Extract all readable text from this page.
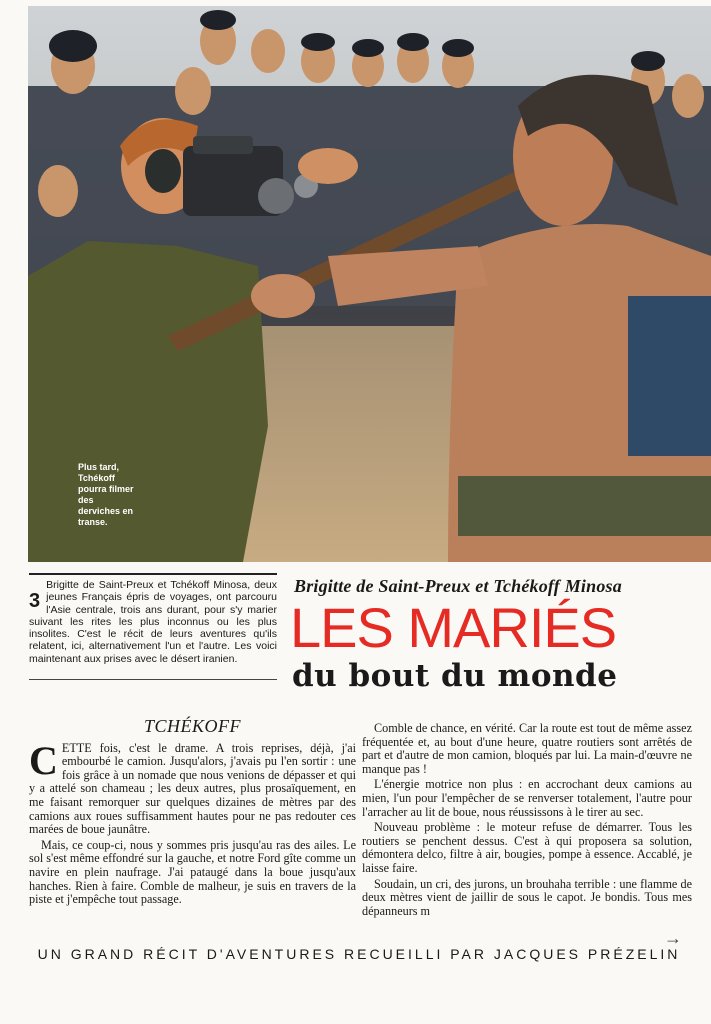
Plus tard, Tchékoff pourra filmer des derviches en transe.
3
Brigitte de Saint-Preux et Tchékoff Minosa, deux jeunes Français épris de voyages, ont parcouru l'Asie centrale, trois ans durant, pour s'y marier suivant les rites les plus inconnus ou les plus insolites. C'est le récit de leurs aventures qu'ils relatent, ici, alternativement l'un et l'autre. Les voici maintenant aux prises avec le désert iranien.
Brigitte de Saint-Preux et Tchékoff Minosa
LES MARIÉS
du bout du monde
TCHÉKOFF

CETTE fois, c'est le drame. A trois reprises, déjà, j'ai embourbé le camion. Jusqu'alors, j'avais pu l'en sortir : une fois grâce à un nomade que nous venions de dépasser et qui y a attelé son chameau ; les deux autres, plus prosaïquement, en me faisant remorquer sur quelques dizaines de mètres par des camions aux roues suffisamment hautes pour ne pas redouter ces marées de boue jaunâtre.

Mais, ce coup-ci, nous y sommes pris jusqu'au ras des ailes. Le sol s'est même effondré sur la gauche, et notre Ford gîte comme un navire en plein naufrage. J'ai pataugé dans la boue jusqu'aux hanches. Rien à faire. Comble de malheur, je suis en travers de la piste et j'empêche tout passage.

Comble de chance, en vérité. Car la route est tout de même assez fréquentée et, au bout d'une heure, quatre routiers sont arrêtés de part et d'autre de mon camion, bloqués par lui. La main-d'œuvre ne manque pas !

L'énergie motrice non plus : en accrochant deux camions au mien, l'un pour l'empêcher de se renverser totalement, l'autre pour l'arracher au lit de boue, nous réussissons à le tirer au sec.

Nouveau problème : le moteur refuse de démarrer. Tous les routiers se penchent dessus. C'est à qui proposera sa solution, démontera delco, filtre à air, bougies, pompe à essence. Accablé, je laisse faire.

Soudain, un cri, des jurons, un brouhaha terrible : une flamme de deux mètres vient de jaillir de sous le capot. Je bondis. Tous mes dépanneurs m

→
UN GRAND RÉCIT D'AVENTURES RECUEILLI PAR JACQUES PRÉZELIN
